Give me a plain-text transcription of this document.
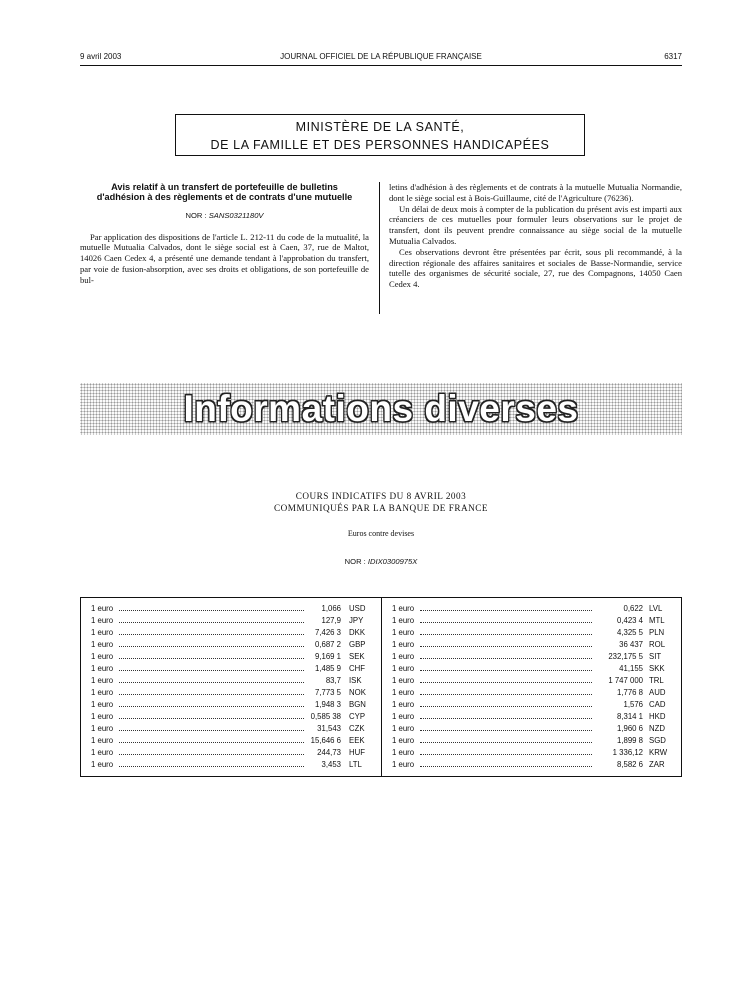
9 avril 2003	JOURNAL OFFICIEL DE LA RÉPUBLIQUE FRANÇAISE	6317
MINISTÈRE DE LA SANTÉ,
DE LA FAMILLE ET DES PERSONNES HANDICAPÉES
Avis relatif à un transfert de portefeuille de bulletins d'adhésion à des règlements et de contrats d'une mutuelle
NOR : SANS0321180V

Par application des dispositions de l'article L. 212-11 du code de la mutualité, la mutuelle Mutualia Calvados, dont le siège social est à Caen, 37, rue de Maltot, 14026 Caen Cedex 4, a présenté une demande tendant à l'approbation du transfert, par voie de fusion-absorption, avec ses droits et obligations, de son portefeuille de bul-

letins d'adhésion à des règlements et de contrats à la mutuelle Mutualia Normandie, dont le siège social est à Bois-Guillaume, cité de l'Agriculture (76236).

Un délai de deux mois à compter de la publication du présent avis est imparti aux créanciers de ces mutuelles pour formuler leurs observations sur le projet de transfert, dont ils peuvent prendre connaissance au siège social de la mutuelle Mutualia Calvados.

Ces observations devront être présentées par écrit, sous pli recommandé, à la direction régionale des affaires sanitaires et sociales de Basse-Normandie, service tutelle des organismes de sécurité sociale, 27, rue des Compagnons, 14050 Caen Cedex 4.

Informations diverses
COURS INDICATIFS DU 8 AVRIL 2003
COMMUNIQUÉS PAR LA BANQUE DE FRANCE
Euros contre devises
NOR : IDIX0300975X
1 euro	1,066 USD
1 euro	127,9 JPY
1 euro	7,426 3 DKK
1 euro	0,687 2 GBP
1 euro	9,169 1 SEK
1 euro	1,485 9 CHF
1 euro	83,7 ISK
1 euro	7,773 5 NOK
1 euro	1,948 3 BGN
1 euro	0,585 38 CYP
1 euro	31,543 CZK
1 euro	15,646 6 EEK
1 euro	244,73 HUF
1 euro	3,453 LTL
1 euro	0,622 LVL
1 euro	0,423 4 MTL
1 euro	4,325 5 PLN
1 euro	36 437 ROL
1 euro	232,175 5 SIT
1 euro	41,155 SKK
1 euro	1 747 000 TRL
1 euro	1,776 8 AUD
1 euro	1,576 CAD
1 euro	8,314 1 HKD
1 euro	1,960 6 NZD
1 euro	1,899 8 SGD
1 euro	1 336,12 KRW
1 euro	8,582 6 ZAR
